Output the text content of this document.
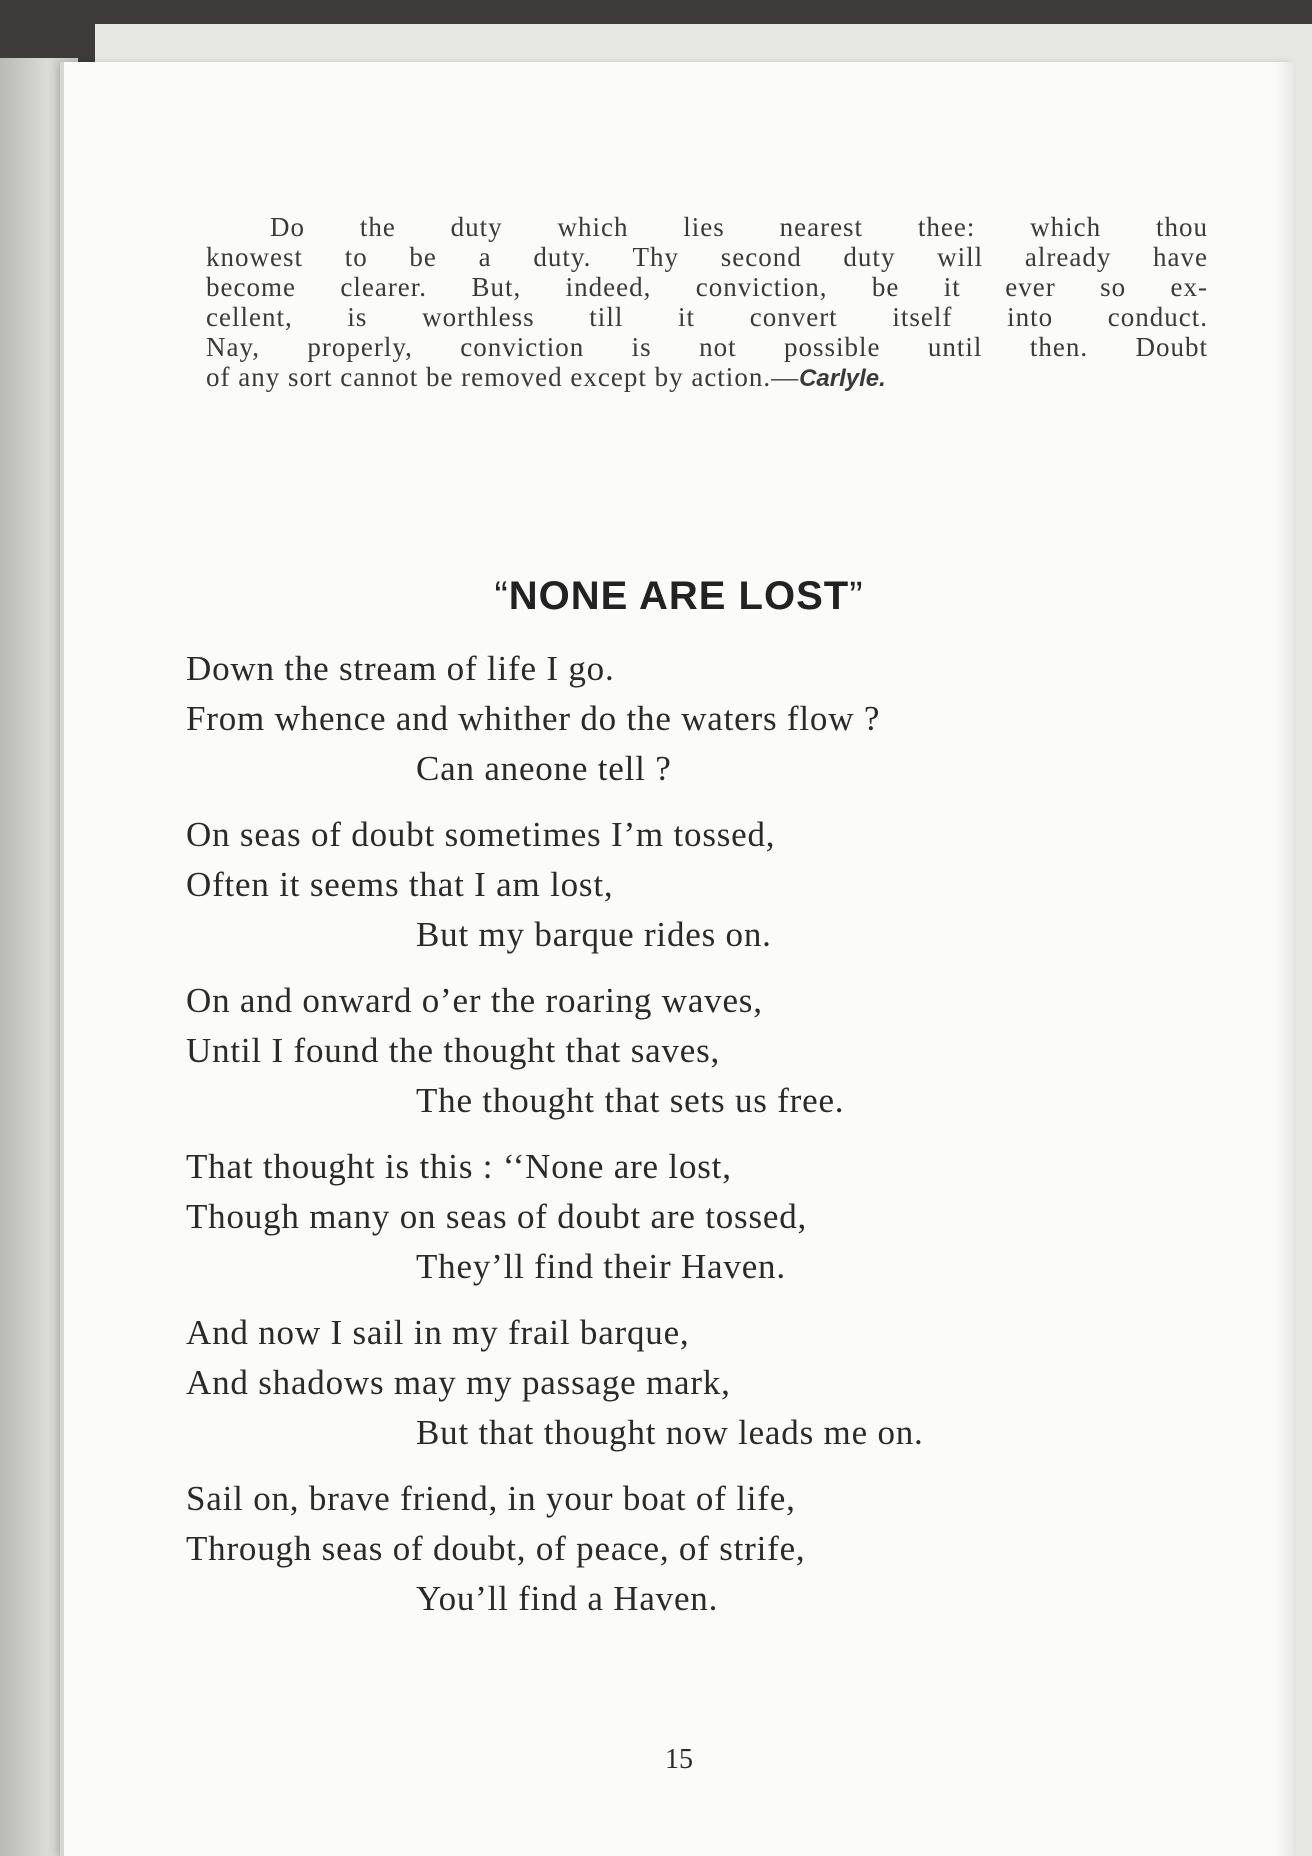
Do the duty which lies nearest thee: which thou
knowest to be a duty. Thy second duty will already have
become clearer. But, indeed, conviction, be it ever so ex-
cellent, is worthless till it convert itself into conduct.
Nay, properly, conviction is not possible until then. Doubt
of any sort cannot be removed except by action.—Carlyle.
“NONE ARE LOST”
Down the stream of life I go.
From whence and whither do the waters flow ?
Can aneone tell ?
On seas of doubt sometimes I’m tossed,
Often it seems that I am lost,
But my barque rides on.
On and onward o’er the roaring waves,
Until I found the thought that saves,
The thought that sets us free.
That thought is this : ‘‘None are lost,
Though many on seas of doubt are tossed,
They’ll find their Haven.
And now I sail in my frail barque,
And shadows may my passage mark,
But that thought now leads me on.
Sail on, brave friend, in your boat of life,
Through seas of doubt, of peace, of strife,
You’ll find a Haven.
15
